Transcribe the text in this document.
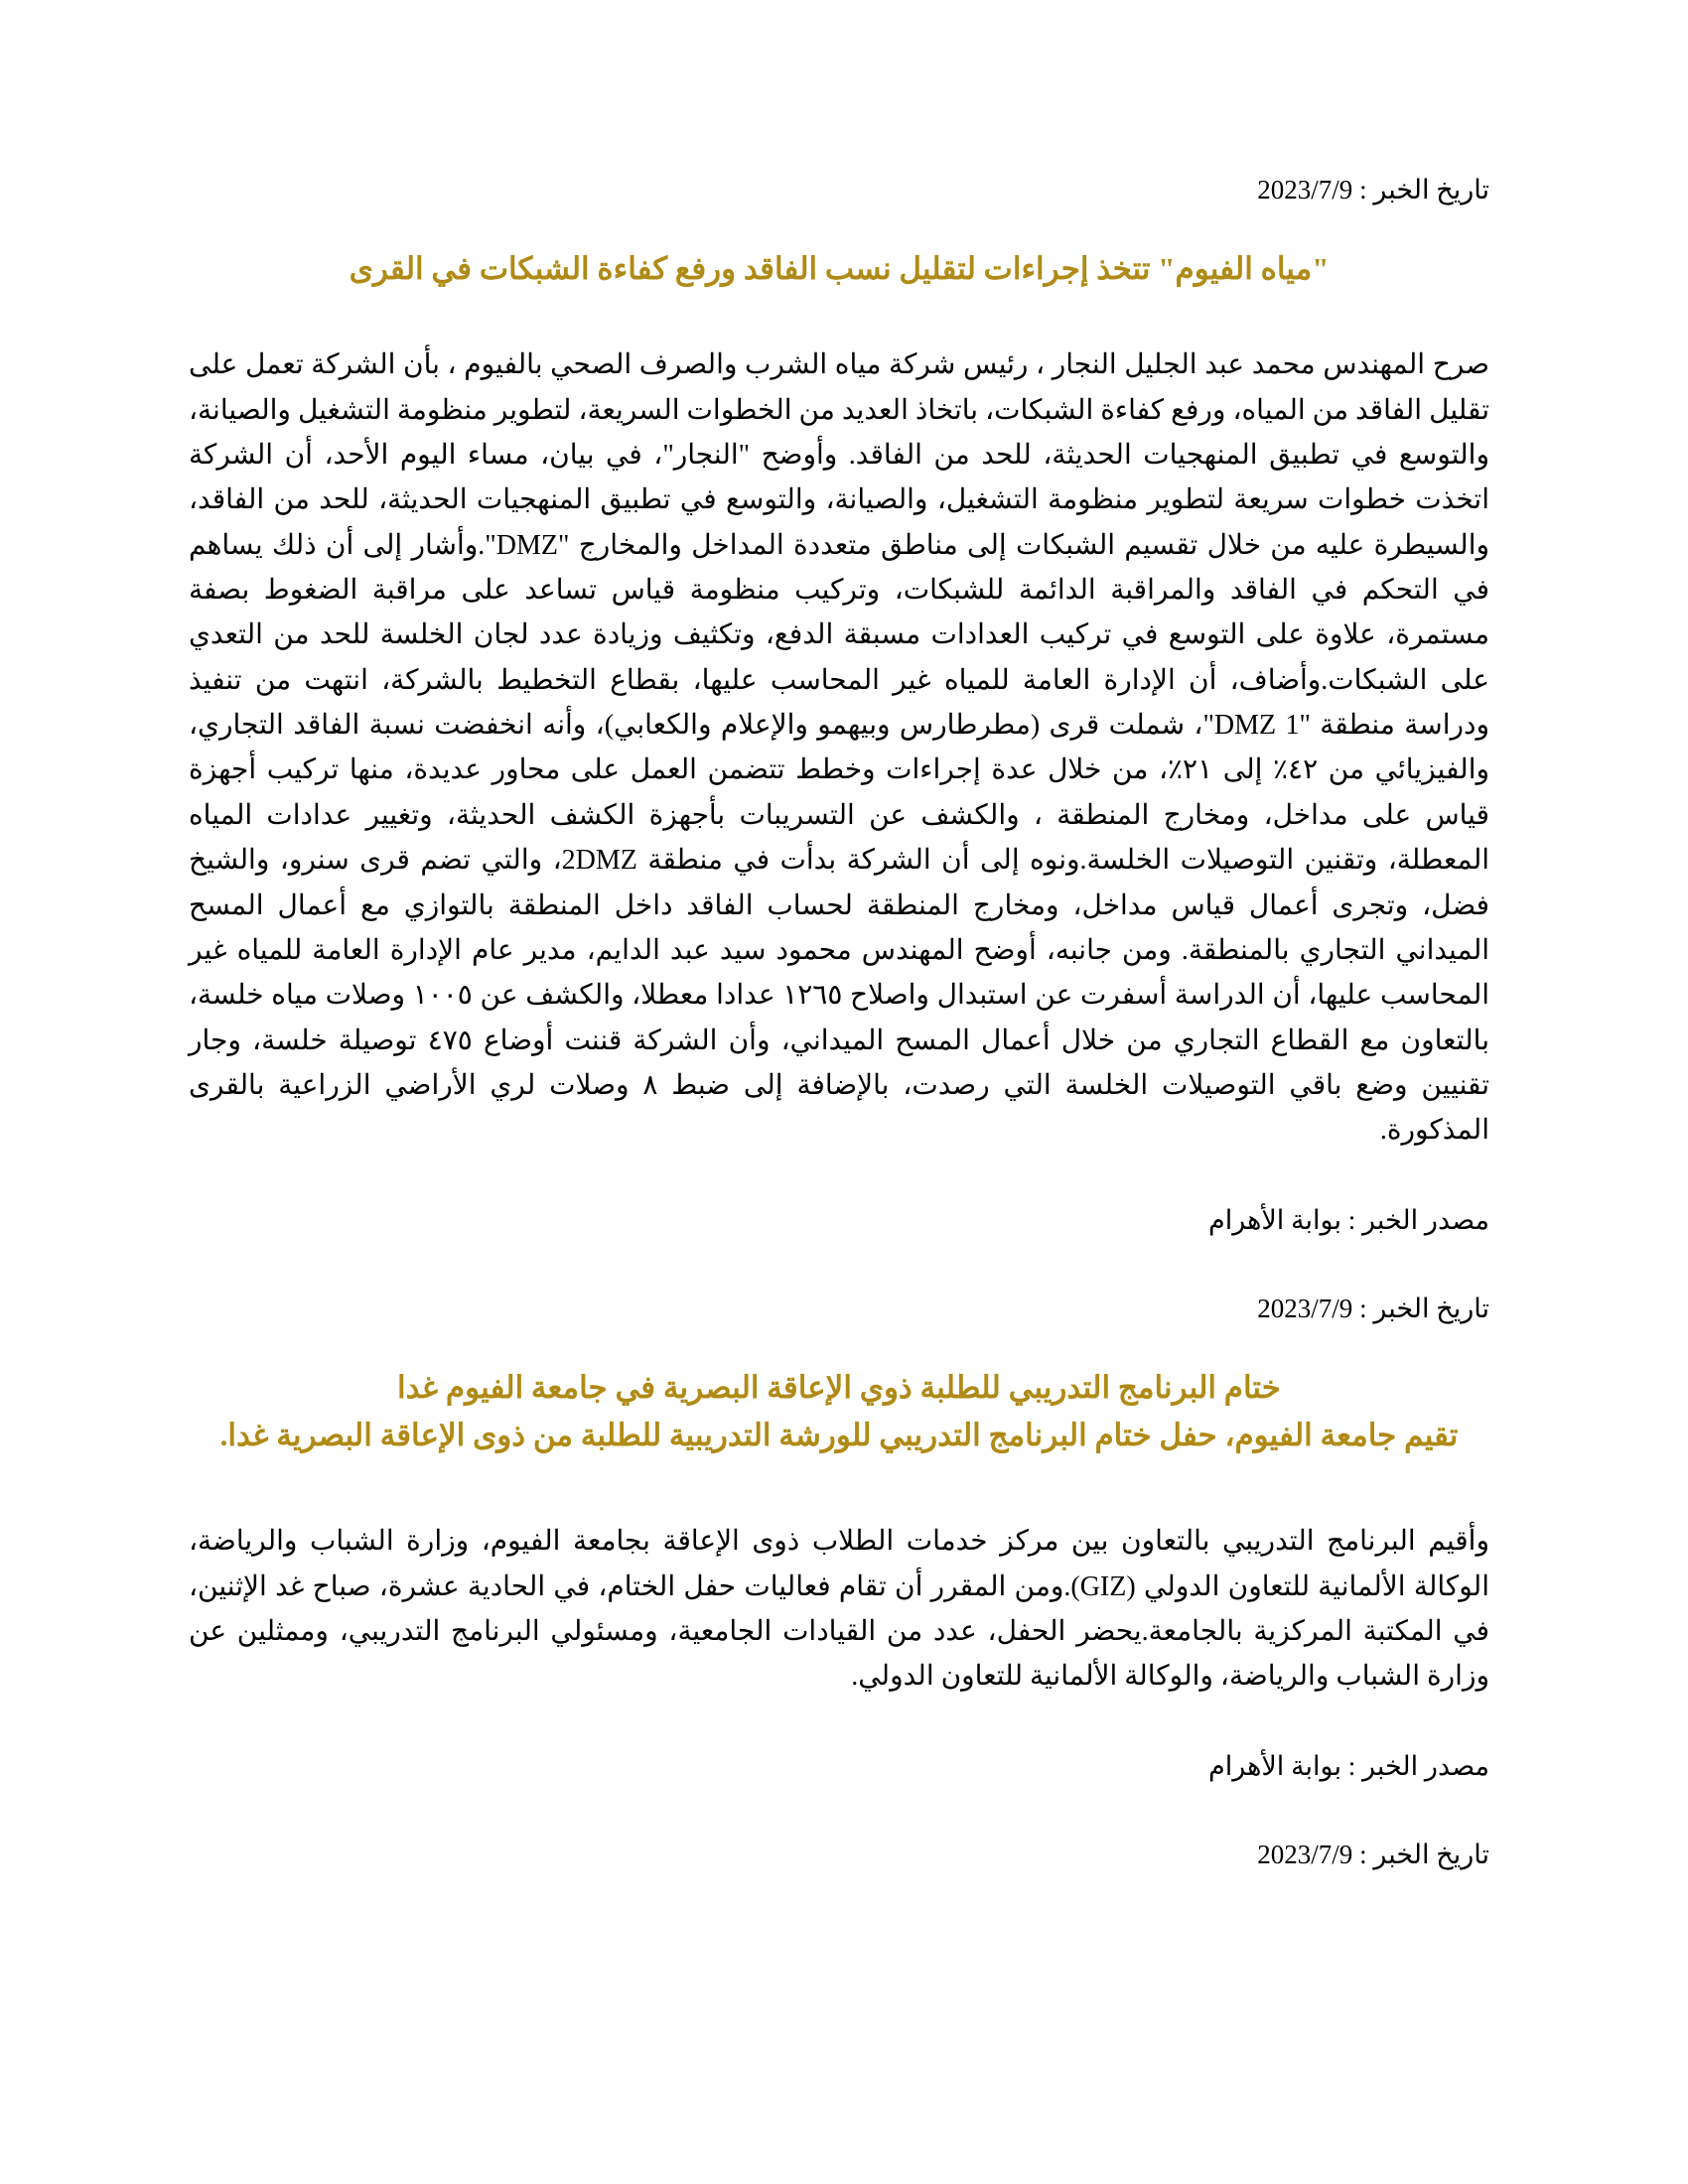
تاريخ الخبر : 2023/7/9

"مياه الفيوم" تتخذ إجراءات لتقليل نسب الفاقد ورفع كفاءة الشبكات في القرى

صرح المهندس محمد عبد الجليل النجار ، رئيس شركة مياه الشرب والصرف الصحي بالفيوم ، بأن الشركة تعمل على تقليل الفاقد من المياه، ورفع كفاءة الشبكات، باتخاذ العديد من الخطوات السريعة، لتطوير منظومة التشغيل والصيانة، والتوسع في تطبيق المنهجيات الحديثة، للحد من الفاقد. وأوضح "النجار"، في بيان، مساء اليوم الأحد، أن الشركة اتخذت خطوات سريعة لتطوير منظومة التشغيل، والصيانة، والتوسع في تطبيق المنهجيات الحديثة، للحد من الفاقد، والسيطرة عليه من خلال تقسيم الشبكات إلى مناطق متعددة المداخل والمخارج "DMZ".وأشار إلى أن ذلك يساهم في التحكم في الفاقد والمراقبة الدائمة للشبكات، وتركيب منظومة قياس تساعد على مراقبة الضغوط بصفة مستمرة، علاوة على التوسع في تركيب العدادات مسبقة الدفع، وتكثيف وزيادة عدد لجان الخلسة للحد من التعدي على الشبكات.وأضاف، أن الإدارة العامة للمياه غير المحاسب عليها، بقطاع التخطيط بالشركة، انتهت من تنفيذ ودراسة منطقة "DMZ 1"، شملت قرى (مطرطارس وبيهمو والإعلام والكعابي)، وأنه انخفضت نسبة الفاقد التجاري، والفيزيائي من ٤٢٪ إلى ٢١٪، من خلال عدة إجراءات وخطط تتضمن العمل على محاور عديدة، منها تركيب أجهزة قياس على مداخل، ومخارج المنطقة ، والكشف عن التسريبات بأجهزة الكشف الحديثة، وتغيير عدادات المياه المعطلة، وتقنين التوصيلات الخلسة.ونوه إلى أن الشركة بدأت في منطقة 2DMZ، والتي تضم قرى سنرو، والشيخ فضل، وتجرى أعمال قياس مداخل، ومخارج المنطقة لحساب الفاقد داخل المنطقة بالتوازي مع أعمال المسح الميداني التجاري بالمنطقة. ومن جانبه، أوضح المهندس محمود سيد عبد الدايم، مدير عام الإدارة العامة للمياه غير المحاسب عليها، أن الدراسة أسفرت عن استبدال واصلاح ١٢٦٥ عدادا معطلا، والكشف عن ١٠٠٥ وصلات مياه خلسة، بالتعاون مع القطاع التجاري من خلال أعمال المسح الميداني، وأن الشركة قننت أوضاع ٤٧٥ توصيلة خلسة، وجار تقنيين وضع باقي التوصيلات الخلسة التي رصدت، بالإضافة إلى ضبط ٨ وصلات لري الأراضي الزراعية بالقرى المذكورة.

مصدر الخبر : بوابة الأهرام

تاريخ الخبر : 2023/7/9

ختام البرنامج التدريبي للطلبة ذوي الإعاقة البصرية في جامعة الفيوم غدا
تقيم جامعة الفيوم، حفل ختام البرنامج التدريبي للورشة التدريبية للطلبة من ذوى الإعاقة البصرية غدا.

وأقيم البرنامج التدريبي بالتعاون بين مركز خدمات الطلاب ذوى الإعاقة بجامعة الفيوم، وزارة الشباب والرياضة، الوكالة الألمانية للتعاون الدولي (GIZ).ومن المقرر أن تقام فعاليات حفل الختام، في الحادية عشرة، صباح غد الإثنين، في المكتبة المركزية بالجامعة.يحضر الحفل، عدد من القيادات الجامعية، ومسئولي البرنامج التدريبي، وممثلين عن وزارة الشباب والرياضة، والوكالة الألمانية للتعاون الدولي.

مصدر الخبر : بوابة الأهرام

تاريخ الخبر : 2023/7/9
